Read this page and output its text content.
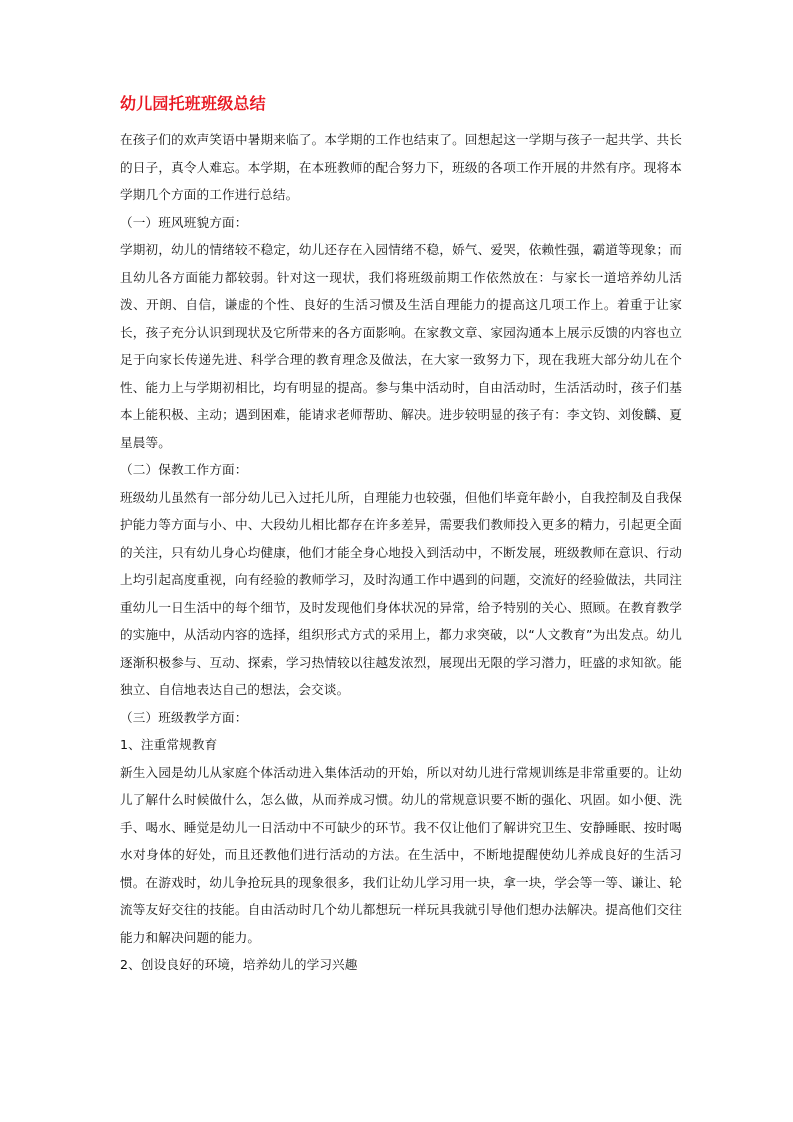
幼儿园托班班级总结

在孩子们的欢声笑语中暑期来临了。本学期的工作也结束了。回想起这一学期与孩子一起共学、共长的日子，真令人难忘。本学期，在本班教师的配合努力下，班级的各项工作开展的井然有序。现将本学期几个方面的工作进行总结。

（一）班风班貌方面：

学期初，幼儿的情绪较不稳定，幼儿还存在入园情绪不稳，娇气、爱哭，依赖性强，霸道等现象；而且幼儿各方面能力都较弱。针对这一现状，我们将班级前期工作依然放在：与家长一道培养幼儿活泼、开朗、自信，谦虚的个性、良好的生活习惯及生活自理能力的提高这几项工作上。着重于让家长，孩子充分认识到现状及它所带来的各方面影响。在家教文章、家园沟通本上展示反馈的内容也立足于向家长传递先进、科学合理的教育理念及做法，在大家一致努力下，现在我班大部分幼儿在个性、能力上与学期初相比，均有明显的提高。参与集中活动时，自由活动时，生活活动时，孩子们基本上能积极、主动；遇到困难，能请求老师帮助、解决。进步较明显的孩子有：李文钧、刘俊麟、夏星晨等。

（二）保教工作方面：

班级幼儿虽然有一部分幼儿已入过托儿所，自理能力也较强，但他们毕竟年龄小，自我控制及自我保护能力等方面与小、中、大段幼儿相比都存在许多差异，需要我们教师投入更多的精力，引起更全面的关注，只有幼儿身心均健康，他们才能全身心地投入到活动中，不断发展，班级教师在意识、行动上均引起高度重视，向有经验的教师学习，及时沟通工作中遇到的问题，交流好的经验做法，共同注重幼儿一日生活中的每个细节，及时发现他们身体状况的异常，给予特别的关心、照顾。在教育教学的实施中，从活动内容的选择，组织形式方式的采用上，都力求突破，以“人文教育”为出发点。幼儿逐渐积极参与、互动、探索，学习热情较以往越发浓烈，展现出无限的学习潜力，旺盛的求知欲。能独立、自信地表达自己的想法，会交谈。

（三）班级教学方面：

1、注重常规教育

新生入园是幼儿从家庭个体活动进入集体活动的开始，所以对幼儿进行常规训练是非常重要的。让幼儿了解什么时候做什么，怎么做，从而养成习惯。幼儿的常规意识要不断的强化、巩固。如小便、洗手、喝水、睡觉是幼儿一日活动中不可缺少的环节。我不仅让他们了解讲究卫生、安静睡眠、按时喝水对身体的好处，而且还教他们进行活动的方法。在生活中，不断地提醒使幼儿养成良好的生活习惯。在游戏时，幼儿争抢玩具的现象很多，我们让幼儿学习用一块，拿一块，学会等一等、谦让、轮流等友好交往的技能。自由活动时几个幼儿都想玩一样玩具我就引导他们想办法解决。提高他们交往能力和解决问题的能力。

2、创设良好的环境，培养幼儿的学习兴趣
